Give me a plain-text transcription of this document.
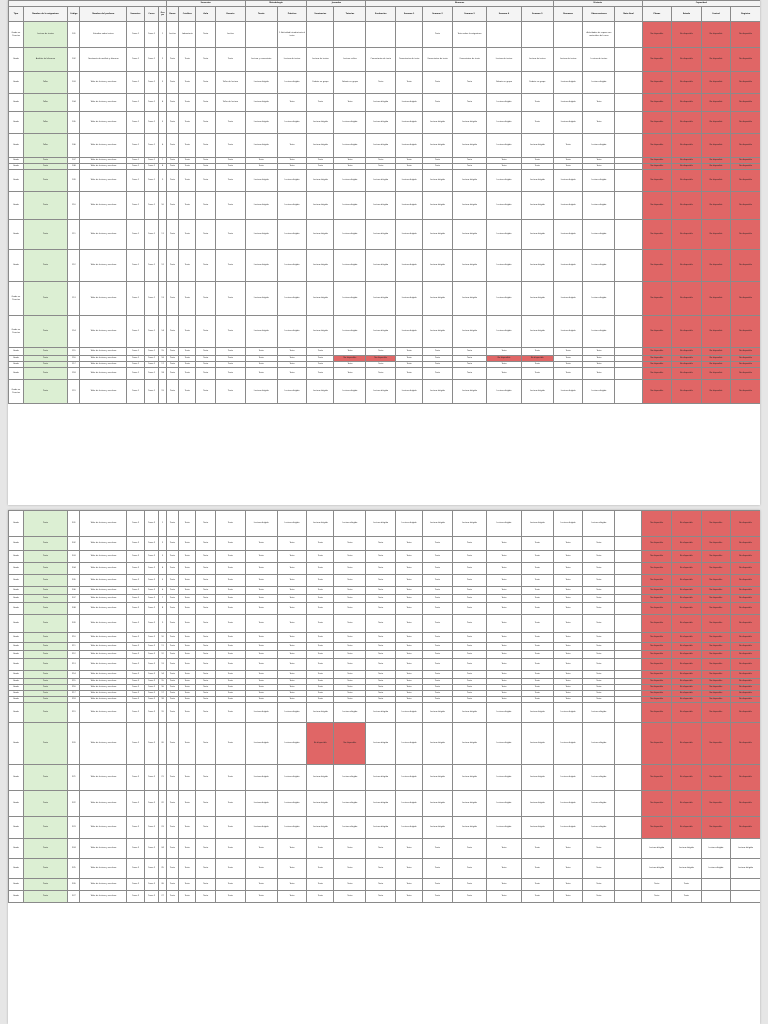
							Semestre				Metodología		Jornadas		Alumnos						Historia			Capacidad			
Tipo	Nombre de la asignatura	Código	Nombre del profesor	Semestre	Curso	Grupo	Horas	Créditos	Aula	Horario	Teoría	Práctica	Seminarios	Tutorías	Evaluación	Semana 1	Semana 2	Semana 3	Semana 4	Semana 5	Resumen	Observaciones	Nota final	Plazas	Estado	Control	Registro
Grado en Ciencias	Lectura de textos	101	Estudios sobre textos	Curso 1	Curso 1	1	Lectivo	Laboratorio	Texto	Lectivo		1. Actividad introductoria al texto					Texto	Texto sobre la asignatura				Actividades de repaso con materiales del curso		No disponible	No disponible	No disponible	No disponible
Grado	Análisis del discurso	102	Seminario de análisis y discurso	Curso 1	Curso 1	2	Texto	Texto	Texto	Texto	Lectura y comentario	Lectura de textos	Lectura de textos	Lectura crítica	Comentarios de texto	Comentarios de texto	Comentarios de texto	Comentarios de texto	Lectura de textos	Lectura de textos	Lectura de textos	Lectura de textos		No disponible	No disponible	No disponible	No disponible
Grado	Taller	103	Taller de lectura y escritura	Curso 1	Curso 1	3	Texto	Texto	Texto	Taller de lectura	Lectura dirigida	Lectura dirigida	Debate en grupo	Debate en grupo	Texto	Texto	Texto	Texto	Debate en grupo	Debate en grupo	Lectura dirigida	Lectura dirigida		No disponible	No disponible	No disponible	No disponible
Grado	Taller	104	Taller de lectura y escritura	Curso 1	Curso 1	4	Texto	Texto	Texto	Taller de lectura	Lectura dirigida	Texto	Texto	Texto	Lectura dirigida	Lectura dirigida	Texto	Texto	Lectura dirigida	Texto	Lectura dirigida	Texto		No disponible	No disponible	No disponible	No disponible
Grado	Taller	105	Taller de lectura y escritura	Curso 1	Curso 1	5	Texto	Texto	Texto	Texto	Lectura dirigida	Lectura dirigida	Lectura dirigida	Lectura dirigida	Lectura dirigida	Lectura dirigida	Lectura dirigida	Lectura dirigida	Lectura dirigida	Texto	Lectura dirigida	Texto		No disponible	No disponible	No disponible	No disponible
Grado	Taller	106	Taller de lectura y escritura	Curso 1	Curso 1	6	Texto	Texto	Texto	Texto	Lectura dirigida	Texto	Lectura dirigida	Lectura dirigida	Lectura dirigida	Lectura dirigida	Lectura dirigida	Lectura dirigida	Lectura dirigida	Lectura dirigida	Texto	Lectura dirigida		No disponible	No disponible	No disponible	No disponible
Grado	Texto	107	Taller de lectura y escritura	Curso 1	Curso 1	7	Texto	Texto	Texto	Texto	Texto	Texto	Texto	Texto	Texto	Texto	Texto	Texto	Texto	Texto	Texto	Texto		No disponible	No disponible	No disponible	No disponible
Grado	Texto	108	Taller de lectura y escritura	Curso 1	Curso 1	8	Texto	Texto	Texto	Texto	Texto	Texto	Texto	Texto	Texto	Texto	Texto	Texto	Texto	Texto	Texto	Texto		No disponible	No disponible	No disponible	No disponible
Grado	Texto	109	Taller de lectura y escritura	Curso 1	Curso 1	9	Texto	Texto	Texto	Texto	Lectura dirigida	Lectura dirigida	Lectura dirigida	Lectura dirigida	Lectura dirigida	Lectura dirigida	Lectura dirigida	Lectura dirigida	Lectura dirigida	Lectura dirigida	Lectura dirigida	Lectura dirigida		No disponible	No disponible	No disponible	No disponible
Grado	Texto	110	Taller de lectura y escritura	Curso 1	Curso 1	10	Texto	Texto	Texto	Texto	Lectura dirigida	Lectura dirigida	Lectura dirigida	Lectura dirigida	Lectura dirigida	Lectura dirigida	Lectura dirigida	Lectura dirigida	Lectura dirigida	Lectura dirigida	Lectura dirigida	Lectura dirigida		No disponible	No disponible	No disponible	No disponible
Grado	Texto	111	Taller de lectura y escritura	Curso 1	Curso 1	11	Texto	Texto	Texto	Texto	Lectura dirigida	Lectura dirigida	Lectura dirigida	Lectura dirigida	Lectura dirigida	Lectura dirigida	Lectura dirigida	Lectura dirigida	Lectura dirigida	Lectura dirigida	Lectura dirigida	Lectura dirigida		No disponible	No disponible	No disponible	No disponible
Grado	Texto	112	Taller de lectura y escritura	Curso 1	Curso 1	12	Texto	Texto	Texto	Texto	Lectura dirigida	Lectura dirigida	Lectura dirigida	Lectura dirigida	Lectura dirigida	Lectura dirigida	Lectura dirigida	Lectura dirigida	Lectura dirigida	Lectura dirigida	Lectura dirigida	Lectura dirigida		No disponible	No disponible	No disponible	No disponible
Grado en Ciencias	Texto	113	Taller de lectura y escritura	Curso 1	Curso 1	13	Texto	Texto	Texto	Texto	Lectura dirigida	Lectura dirigida	Lectura dirigida	Lectura dirigida	Lectura dirigida	Lectura dirigida	Lectura dirigida	Lectura dirigida	Lectura dirigida	Lectura dirigida	Lectura dirigida	Lectura dirigida		No disponible	No disponible	No disponible	No disponible
Grado en Ciencias	Texto	114	Taller de lectura y escritura	Curso 1	Curso 1	14	Texto	Texto	Texto	Texto	Lectura dirigida	Lectura dirigida	Lectura dirigida	Lectura dirigida	Lectura dirigida	Lectura dirigida	Lectura dirigida	Lectura dirigida	Lectura dirigida	Lectura dirigida	Lectura dirigida	Lectura dirigida		No disponible	No disponible	No disponible	No disponible
Grado	Texto	115	Taller de lectura y escritura	Curso 1	Curso 1	15	Texto	Texto	Texto	Texto	Texto	Texto	Texto	Texto	Texto	Texto	Texto	Texto	Texto	Texto	Texto	Texto		No disponible	No disponible	No disponible	No disponible
Grado	Texto	116	Taller de lectura y escritura	Curso 1	Curso 1	16	Texto	Texto	Texto	Texto	Texto	Texto	Texto	No disponible	No disponible	Texto	Texto	Texto	No disponible	No disponible	Texto	Texto		No disponible	No disponible	No disponible	No disponible
Grado	Texto	117	Taller de lectura y escritura	Curso 1	Curso 1	17	Texto	Texto	Texto	Texto	Texto	Texto	Texto	Texto	Texto	Texto	Texto	Texto	Texto	Texto	Texto	Texto		No disponible	No disponible	No disponible	No disponible
Grado	Texto	118	Taller de lectura y escritura	Curso 1	Curso 1	18	Texto	Texto	Texto	Texto	Texto	Texto	Texto	Texto	Texto	Texto	Texto	Texto	Texto	Texto	Texto	Texto		No disponible	No disponible	No disponible	No disponible
Grado en Ciencias	Texto	119	Taller de lectura y escritura	Curso 1	Curso 1	19	Texto	Texto	Texto	Texto	Lectura dirigida	Lectura dirigida	Lectura dirigida	Lectura dirigida	Lectura dirigida	Lectura dirigida	Lectura dirigida	Lectura dirigida	Lectura dirigida	Lectura dirigida	Lectura dirigida	Lectura dirigida		No disponible	No disponible	No disponible	No disponible
Grado	Texto	201	Taller de lectura y escritura	Curso 2	Curso 2	1	Texto	Texto	Texto	Texto	Lectura dirigida	Lectura dirigida	Lectura dirigida	Lectura dirigida	Lectura dirigida	Lectura dirigida	Lectura dirigida	Lectura dirigida	Lectura dirigida	Lectura dirigida	Lectura dirigida	Lectura dirigida		No disponible	No disponible	No disponible	No disponible
Grado	Texto	202	Taller de lectura y escritura	Curso 2	Curso 2	2	Texto	Texto	Texto	Texto	Texto	Texto	Texto	Texto	Texto	Texto	Texto	Texto	Texto	Texto	Texto	Texto		No disponible	No disponible	No disponible	No disponible
Grado	Texto	203	Taller de lectura y escritura	Curso 2	Curso 2	3	Texto	Texto	Texto	Texto	Texto	Texto	Texto	Texto	Texto	Texto	Texto	Texto	Texto	Texto	Texto	Texto		No disponible	No disponible	No disponible	No disponible
Grado	Texto	204	Taller de lectura y escritura	Curso 2	Curso 2	4	Texto	Texto	Texto	Texto	Texto	Texto	Texto	Texto	Texto	Texto	Texto	Texto	Texto	Texto	Texto	Texto		No disponible	No disponible	No disponible	No disponible
Grado	Texto	205	Taller de lectura y escritura	Curso 2	Curso 2	5	Texto	Texto	Texto	Texto	Texto	Texto	Texto	Texto	Texto	Texto	Texto	Texto	Texto	Texto	Texto	Texto		No disponible	No disponible	No disponible	No disponible
Grado	Texto	206	Taller de lectura y escritura	Curso 2	Curso 2	6	Texto	Texto	Texto	Texto	Texto	Texto	Texto	Texto	Texto	Texto	Texto	Texto	Texto	Texto	Texto	Texto		No disponible	No disponible	No disponible	No disponible
Grado	Texto	207	Taller de lectura y escritura	Curso 2	Curso 2	7	Texto	Texto	Texto	Texto	Texto	Texto	Texto	Texto	Texto	Texto	Texto	Texto	Texto	Texto	Texto	Texto		No disponible	No disponible	No disponible	No disponible
Grado	Texto	208	Taller de lectura y escritura	Curso 2	Curso 2	8	Texto	Texto	Texto	Texto	Texto	Texto	Texto	Texto	Texto	Texto	Texto	Texto	Texto	Texto	Texto	Texto		No disponible	No disponible	No disponible	No disponible
Grado	Texto	209	Taller de lectura y escritura	Curso 2	Curso 2	9	Texto	Texto	Texto	Texto	Texto	Texto	Texto	Texto	Texto	Texto	Texto	Texto	Texto	Texto	Texto	Texto		No disponible	No disponible	No disponible	No disponible
Grado	Texto	210	Taller de lectura y escritura	Curso 2	Curso 2	10	Texto	Texto	Texto	Texto	Texto	Texto	Texto	Texto	Texto	Texto	Texto	Texto	Texto	Texto	Texto	Texto		No disponible	No disponible	No disponible	No disponible
Grado	Texto	211	Taller de lectura y escritura	Curso 2	Curso 2	11	Texto	Texto	Texto	Texto	Texto	Texto	Texto	Texto	Texto	Texto	Texto	Texto	Texto	Texto	Texto	Texto		No disponible	No disponible	No disponible	No disponible
Grado	Texto	212	Taller de lectura y escritura	Curso 2	Curso 2	12	Texto	Texto	Texto	Texto	Texto	Texto	Texto	Texto	Texto	Texto	Texto	Texto	Texto	Texto	Texto	Texto		No disponible	No disponible	No disponible	No disponible
Grado	Texto	213	Taller de lectura y escritura	Curso 2	Curso 2	13	Texto	Texto	Texto	Texto	Texto	Texto	Texto	Texto	Texto	Texto	Texto	Texto	Texto	Texto	Texto	Texto		No disponible	No disponible	No disponible	No disponible
Grado	Texto	214	Taller de lectura y escritura	Curso 2	Curso 2	14	Texto	Texto	Texto	Texto	Texto	Texto	Texto	Texto	Texto	Texto	Texto	Texto	Texto	Texto	Texto	Texto		No disponible	No disponible	No disponible	No disponible
Grado	Texto	215	Taller de lectura y escritura	Curso 2	Curso 2	15	Texto	Texto	Texto	Texto	Texto	Texto	Texto	Texto	Texto	Texto	Texto	Texto	Texto	Texto	Texto	Texto		No disponible	No disponible	No disponible	No disponible
Grado	Texto	216	Taller de lectura y escritura	Curso 2	Curso 2	16	Texto	Texto	Texto	Texto	Texto	Texto	Texto	Texto	Texto	Texto	Texto	Texto	Texto	Texto	Texto	Texto		No disponible	No disponible	No disponible	No disponible
Grado	Texto	217	Taller de lectura y escritura	Curso 2	Curso 2	17	Texto	Texto	Texto	Texto	Texto	Texto	Texto	Texto	Texto	Texto	Texto	Texto	Texto	Texto	Texto	Texto		No disponible	No disponible	No disponible	No disponible
Grado	Texto	218	Taller de lectura y escritura	Curso 2	Curso 2	18	Texto	Texto	Texto	Texto	Texto	Texto	Texto	Texto	Texto	Texto	Texto	Texto	Texto	Texto	Texto	Texto		No disponible	No disponible	No disponible	No disponible
Grado	Texto	219	Taller de lectura y escritura	Curso 2	Curso 2	19	Texto	Texto	Texto	Texto	Lectura dirigida	Lectura dirigida	Lectura dirigida	Lectura dirigida	Lectura dirigida	Lectura dirigida	Lectura dirigida	Lectura dirigida	Lectura dirigida	Lectura dirigida	Lectura dirigida	Lectura dirigida		No disponible	No disponible	No disponible	No disponible
Grado	Texto	220	Taller de lectura y escritura	Curso 2	Curso 2	20	Texto	Texto	Texto	Texto	Lectura dirigida	Lectura dirigida	No disponible	No disponible	Lectura dirigida	Lectura dirigida	Lectura dirigida	Lectura dirigida	Lectura dirigida	Lectura dirigida	Lectura dirigida	Lectura dirigida		No disponible	No disponible	No disponible	No disponible
Grado	Texto	221	Taller de lectura y escritura	Curso 2	Curso 2	21	Texto	Texto	Texto	Texto	Lectura dirigida	Lectura dirigida	Lectura dirigida	Lectura dirigida	Lectura dirigida	Lectura dirigida	Lectura dirigida	Lectura dirigida	Lectura dirigida	Lectura dirigida	Lectura dirigida	Lectura dirigida		No disponible	No disponible	No disponible	No disponible
Grado	Texto	222	Taller de lectura y escritura	Curso 2	Curso 2	22	Texto	Texto	Texto	Texto	Lectura dirigida	Lectura dirigida	Lectura dirigida	Lectura dirigida	Lectura dirigida	Lectura dirigida	Lectura dirigida	Lectura dirigida	Lectura dirigida	Lectura dirigida	Lectura dirigida	Lectura dirigida		No disponible	No disponible	No disponible	No disponible
Grado	Texto	223	Taller de lectura y escritura	Curso 2	Curso 2	23	Texto	Texto	Texto	Texto	Lectura dirigida	Lectura dirigida	Lectura dirigida	Lectura dirigida	Lectura dirigida	Lectura dirigida	Lectura dirigida	Lectura dirigida	Lectura dirigida	Lectura dirigida	Lectura dirigida	Lectura dirigida		No disponible	No disponible	No disponible	No disponible
Grado	Texto	224	Taller de lectura y escritura	Curso 2	Curso 2	24	Texto	Texto	Texto	Texto	Texto	Texto	Texto	Texto	Texto	Texto	Texto	Texto	Texto	Texto	Texto	Texto		Lectura dirigida	Lectura dirigida	Lectura dirigida	Lectura dirigida
Grado	Texto	225	Taller de lectura y escritura	Curso 2	Curso 2	25	Texto	Texto	Texto	Texto	Texto	Texto	Texto	Texto	Texto	Texto	Texto	Texto	Texto	Texto	Texto	Texto		Lectura dirigida	Lectura dirigida	Lectura dirigida	Lectura dirigida
Grado	Texto	226	Taller de lectura y escritura	Curso 2	Curso 2	26	Texto	Texto	Texto	Texto	Texto	Texto	Texto	Texto	Texto	Texto	Texto	Texto	Texto	Texto	Texto	Texto		Texto	Texto		
Grado	Texto	227	Taller de lectura y escritura	Curso 2	Curso 2	27	Texto	Texto	Texto	Texto	Texto	Texto	Texto	Texto	Texto	Texto	Texto	Texto	Texto	Texto	Texto	Texto		Texto	Texto		
